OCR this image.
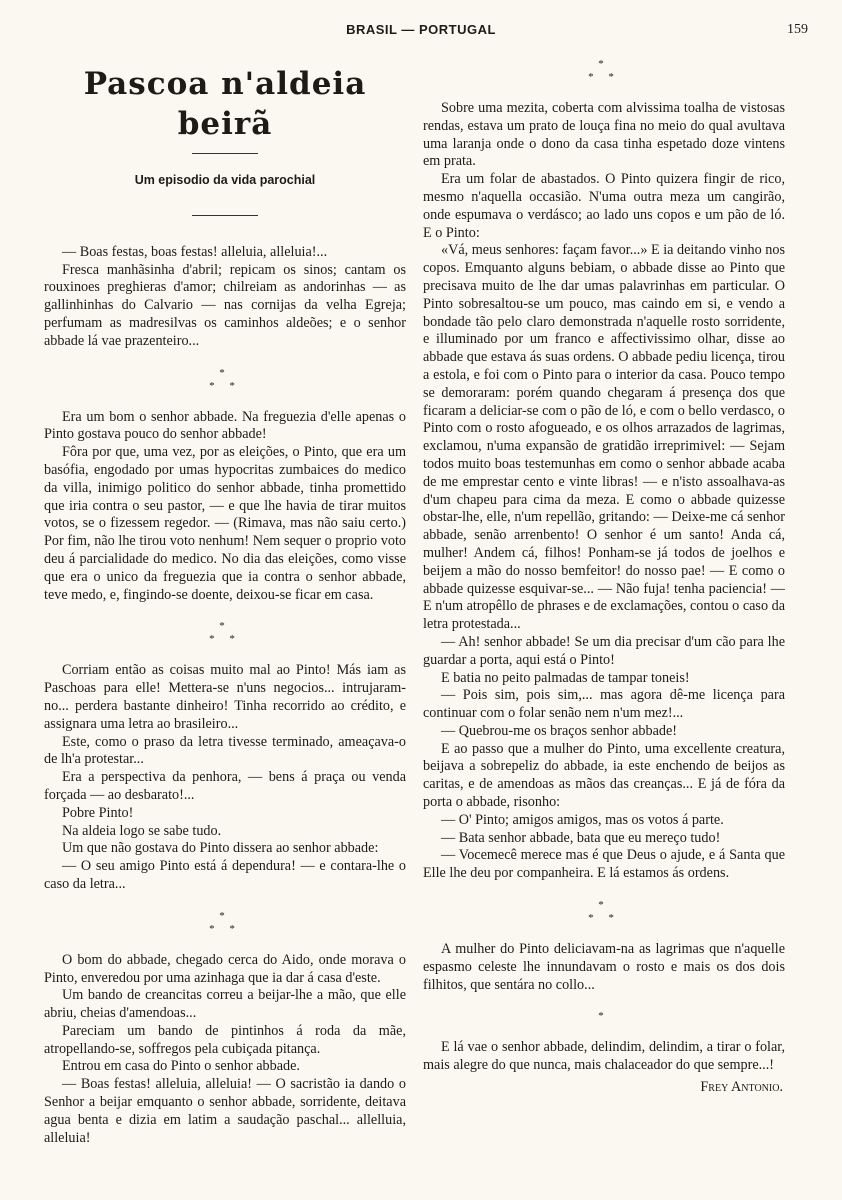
BRASIL — PORTUGAL	159
Pascoa n'aldeia beirã
Um episodio da vida parochial

— Boas festas, boas festas! alleluia, alleluia!...

Fresca manhãsinha d'abril; repicam os sinos; cantam os rouxinoes preghieras d'amor; chilreiam as andorinhas — as gallinhinhas do Calvario — nas cornijas da velha Egreja; perfumam as madresilvas os caminhos aldeões; e o senhor abbade lá vae prazenteiro...

*
* *

Era um bom o senhor abbade. Na freguezia d'elle apenas o Pinto gostava pouco do senhor abbade!

Fôra por que, uma vez, por as eleições, o Pinto, que era um basófia, engodado por umas hypocritas zumbaices do medico da villa, inimigo politico do senhor abbade, tinha promettido que iria contra o seu pastor, — e que lhe havia de tirar muitos votos, se o fizessem regedor. — (Rimava, mas não saiu certo.) Por fim, não lhe tirou voto nenhum! Nem sequer o proprio voto deu á parcialidade do medico. No dia das eleições, como visse que era o unico da freguezia que ia contra o senhor abbade, teve medo, e, fingindo-se doente, deixou-se ficar em casa.

*
* *

Corriam então as coisas muito mal ao Pinto! Más iam as Paschoas para elle! Mettera-se n'uns negocios... intrujaram-no... perdera bastante dinheiro! Tinha recorrido ao crédito, e assignara uma letra ao brasileiro...

Este, como o praso da letra tivesse terminado, ameaçava-o de lh'a protestar...

Era a perspectiva da penhora, — bens á praça ou venda forçada — ao desbarato!...

Pobre Pinto!

Na aldeia logo se sabe tudo.

Um que não gostava do Pinto dissera ao senhor abbade:

— O seu amigo Pinto está á dependura! — e contara-lhe o caso da letra...

*
* *

O bom do abbade, chegado cerca do Aido, onde morava o Pinto, enveredou por uma azinhaga que ia dar á casa d'este.

Um bando de creancitas correu a beijar-lhe a mão, que elle abriu, cheias d'amendoas...

Pareciam um bando de pintinhos á roda da mãe, atropellando-se, soffregos pela cubiçada pitança.

Entrou em casa do Pinto o senhor abbade.

— Boas festas! alleluia, alleluia! — O sacristão ia dando o Senhor a beijar emquanto o senhor abbade, sorridente, deitava agua benta e dizia em latim a saudação paschal... allelluia, alleluia!

*
* *

Sobre uma mezita, coberta com alvissima toalha de vistosas rendas, estava um prato de louça fina no meio do qual avultava uma laranja onde o dono da casa tinha espetado doze vintens em prata.

Era um folar de abastados. O Pinto quizera fingir de rico, mesmo n'aquella occasião. N'uma outra meza um cangirão, onde espumava o verdásco; ao lado uns copos e um pão de ló. E o Pinto:

«Vá, meus senhores: façam favor...» E ia deitando vinho nos copos. Emquanto alguns bebiam, o abbade disse ao Pinto que precisava muito de lhe dar umas palavrinhas em particular. O Pinto sobresaltou-se um pouco, mas caindo em si, e vendo a bondade tão pelo claro demonstrada n'aquelle rosto sorridente, e illuminado por um franco e affectivissimo olhar, disse ao abbade que estava ás suas ordens. O abbade pediu licença, tirou a estola, e foi com o Pinto para o interior da casa. Pouco tempo se demoraram: porém quando chegaram á presença dos que ficaram a deliciar-se com o pão de ló, e com o bello verdasco, o Pinto com o rosto afogueado, e os olhos arrazados de lagrimas, exclamou, n'uma expansão de gratidão irreprimivel: — Sejam todos muito boas testemunhas em como o senhor abbade acaba de me emprestar cento e vinte libras! — e n'isto assoalhava-as d'um chapeu para cima da meza. E como o abbade quizesse obstar-lhe, elle, n'um repellão, gritando: — Deixe-me cá senhor abbade, senão arrenbento! O senhor é um santo! Anda cá, mulher! Andem cá, filhos! Ponham-se já todos de joelhos e beijem a mão do nosso bemfeitor! do nosso pae! — E como o abbade quizesse esquivar-se... — Não fuja! tenha paciencia! — E n'um atropêllo de phrases e de exclamações, contou o caso da letra protestada...

— Ah! senhor abbade! Se um dia precisar d'um cão para lhe guardar a porta, aqui está o Pinto!

E batia no peito palmadas de tampar toneis!

— Pois sim, pois sim,... mas agora dê-me licença para continuar com o folar senão nem n'um mez!...

— Quebrou-me os braços senhor abbade!

E ao passo que a mulher do Pinto, uma excellente creatura, beijava a sobrepeliz do abbade, ia este enchendo de beijos as caritas, e de amendoas as mãos das creanças... E já de fóra da porta o abbade, risonho:

— O' Pinto; amigos amigos, mas os votos á parte.

— Bata senhor abbade, bata que eu mereço tudo!

— Vocemecê merece mas é que Deus o ajude, e á Santa que Elle lhe deu por companheira. E lá estamos ás ordens.

*
* *

A mulher do Pinto deliciavam-na as lagrimas que n'aquelle espasmo celeste lhe innundavam o rosto e mais os dos dois filhitos, que sentára no collo...

*

E lá vae o senhor abbade, delindim, delindim, a tirar o folar, mais alegre do que nunca, mais chalaceador do que sempre...!

Frey Antonio.
